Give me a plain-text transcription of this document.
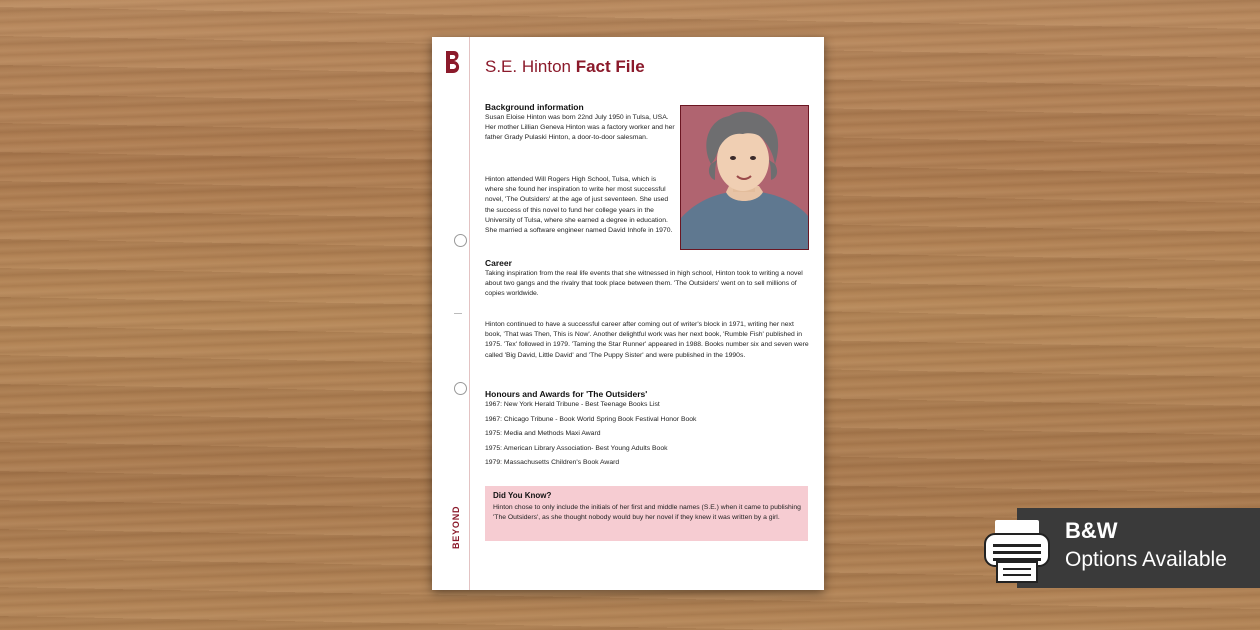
BEYOND
S.E. Hinton Fact File
Background information

Susan Eloise Hinton was born 22nd July 1950 in Tulsa, USA. Her mother Lillian Geneva Hinton was a factory worker and her father Grady Pulaski Hinton, a door-to-door salesman.

Hinton attended Will Rogers High School, Tulsa, which is where she found her inspiration to write her most successful novel, 'The Outsiders' at the age of just seventeen. She used the success of this novel to fund her college years in the University of Tulsa, where she earned a degree in education. She married a software engineer named David Inhofe in 1970.

Career

Taking inspiration from the real life events that she witnessed in high school, Hinton took to writing a novel about two gangs and the rivalry that took place between them. 'The Outsiders' went on to sell millions of copies worldwide.

Hinton continued to have a successful career after coming out of writer's block in 1971, writing her next book, 'That was Then, This is Now'. Another delightful work was her next book, 'Rumble Fish' published in 1975. 'Tex' followed in 1979. 'Taming the Star Runner' appeared in 1988. Books number six and seven were called 'Big David, Little David' and 'The Puppy Sister' and were published in the 1990s.

Honours and Awards for 'The Outsiders'
1967: New York Herald Tribune - Best Teenage Books List
1967: Chicago Tribune - Book World Spring Book Festival Honor Book
1975: Media and Methods Maxi Award
1975: American Library Association- Best Young Adults Book
1979: Massachusetts Children's Book Award
Did You Know?

Hinton chose to only include the initials of her first and middle names (S.E.) when it came to publishing 'The Outsiders', as she thought nobody would buy her novel if they knew it was written by a girl.

B&W
Options Available
